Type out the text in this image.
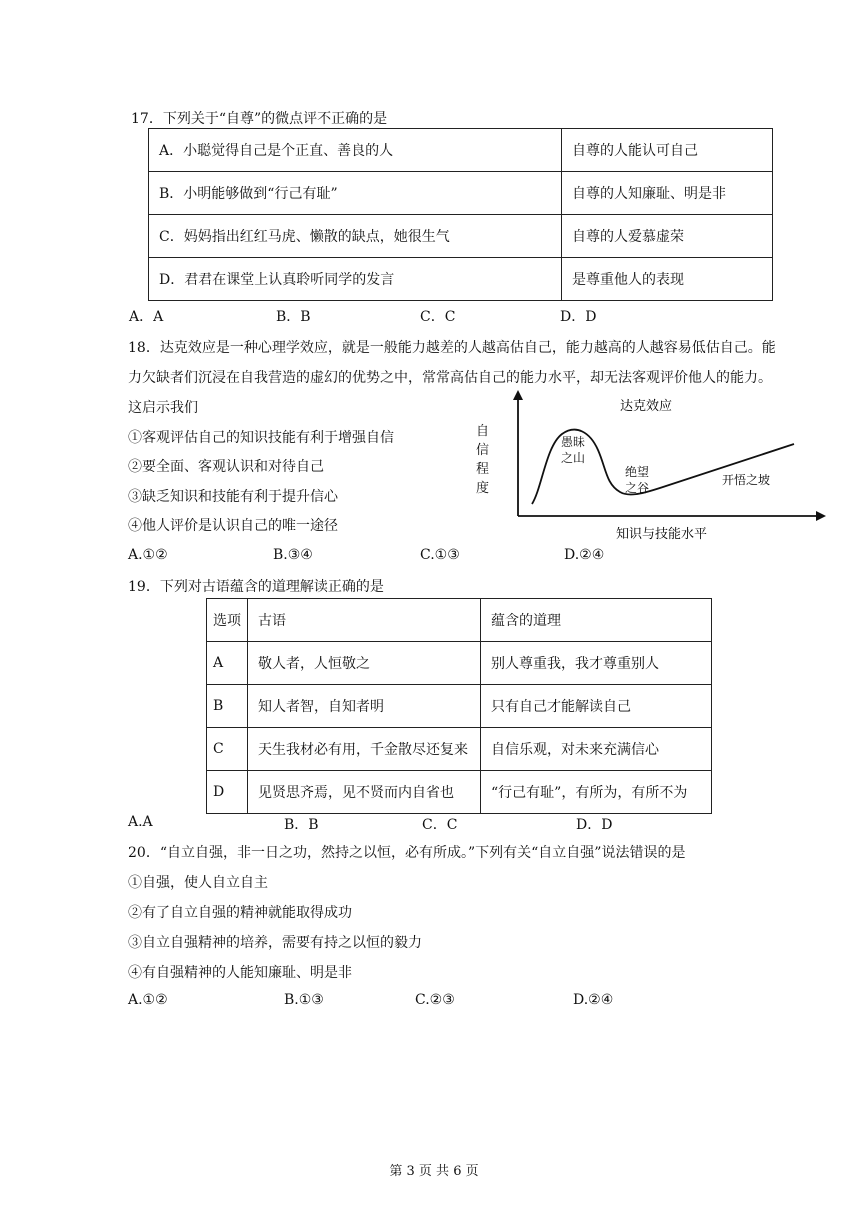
17．下列关于“自尊”的微点评不正确的是
A．小聪觉得自己是个正直、善良的人	自尊的人能认可自己
B．小明能够做到“行己有耻”	自尊的人知廉耻、明是非
C．妈妈指出红红马虎、懒散的缺点，她很生气	自尊的人爱慕虚荣
D．君君在课堂上认真聆听同学的发言	是尊重他人的表现
A．A	B．B	C．C	D．D
18．达克效应是一种心理学效应，就是一般能力越差的人越高估自己，能力越高的人越容易低估自己。能
力欠缺者们沉浸在自我营造的虚幻的优势之中，常常高估自己的能力水平，却无法客观评价他人的能力。
这启示我们
①客观评估自己的知识技能有利于增强自信
②要全面、客观认识和对待自己
③缺乏知识和技能有利于提升信心
④他人评价是认识自己的唯一途径
达克效应
自信程度
愚昧之山
绝望之谷
开悟之坡
知识与技能水平
A.①②	B.③④	C.①③	D.②④
19．下列对古语蕴含的道理解读正确的是
选项	古语	蕴含的道理
A	敬人者，人恒敬之	别人尊重我，我才尊重别人
B	知人者智，自知者明	只有自己才能解读自己
C	天生我材必有用，千金散尽还复来	自信乐观，对未来充满信心
D	见贤思齐焉，见不贤而内自省也	“行己有耻”，有所为，有所不为
A.A	B．B	C．C	D．D
20．“自立自强，非一日之功，然持之以恒，必有所成。”下列有关“自立自强”说法错误的是
①自强，使人自立自主
②有了自立自强的精神就能取得成功
③自立自强精神的培养，需要有持之以恒的毅力
④有自强精神的人能知廉耻、明是非
A.①②	B.①③	C.②③	D.②④
第 3 页 共 6 页
